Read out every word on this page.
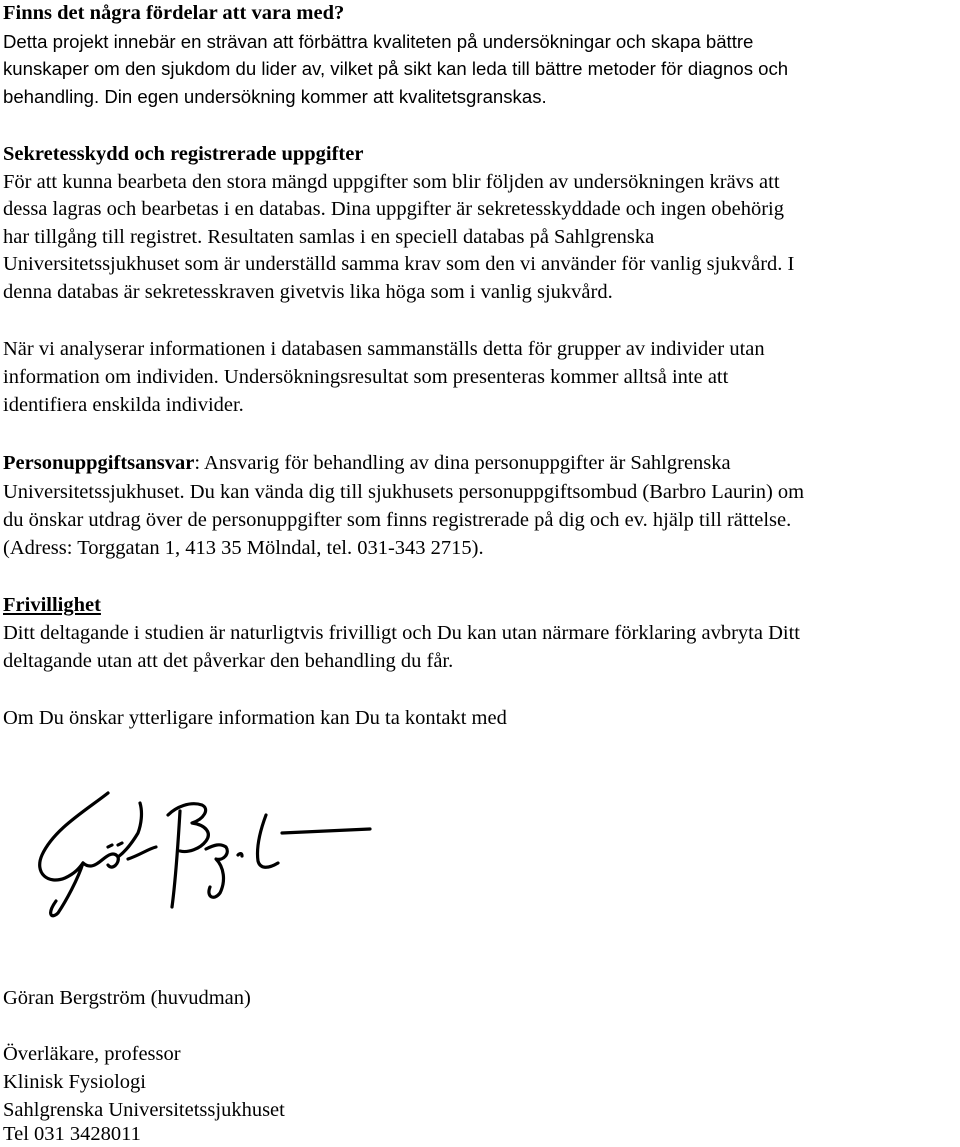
Finns det några fördelar att vara med?
Detta projekt innebär en strävan att förbättra kvaliteten på undersökningar och skapa bättre
kunskaper om den sjukdom du lider av, vilket på sikt kan leda till bättre metoder för diagnos och
behandling. Din egen undersökning kommer att kvalitetsgranskas.
Sekretesskydd och registrerade uppgifter
För att kunna bearbeta den stora mängd uppgifter som blir följden av undersökningen krävs att
dessa lagras och bearbetas i en databas. Dina uppgifter är sekretesskyddade och ingen obehörig
har tillgång till registret. Resultaten samlas i en speciell databas på Sahlgrenska
Universitetssjukhuset som är underställd samma krav som den vi använder för vanlig sjukvård. I
denna databas är sekretesskraven givetvis lika höga som i vanlig sjukvård.
När vi analyserar informationen i databasen sammanställs detta för grupper av individer utan
information om individen. Undersökningsresultat som presenteras kommer alltså inte att
identifiera enskilda individer.
Personuppgiftsansvar: Ansvarig för behandling av dina personuppgifter är Sahlgrenska
Universitetssjukhuset. Du kan vända dig till sjukhusets personuppgiftsombud (Barbro Laurin) om
du önskar utdrag över de personuppgifter som finns registrerade på dig och ev. hjälp till rättelse.
(Adress: Torggatan 1, 413 35 Mölndal, tel. 031-343 2715).
Frivillighet
Ditt deltagande i studien är naturligtvis frivilligt och Du kan utan närmare förklaring avbryta Ditt
deltagande utan att det påverkar den behandling du får.
Om Du önskar ytterligare information kan Du ta kontakt med
Göran Bergström (huvudman)
Överläkare, professor
Klinisk Fysiologi
Sahlgrenska Universitetssjukhuset
Tel 031 3428011
